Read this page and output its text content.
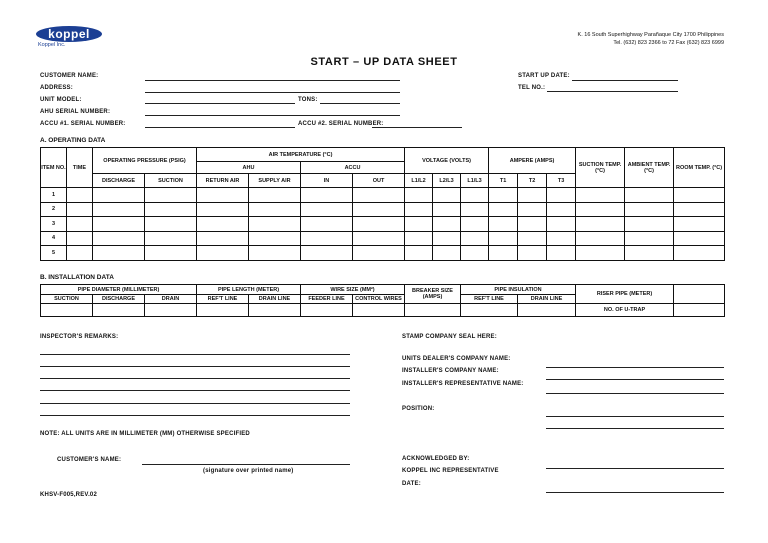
koppel
Koppel Inc.
K. 16 South Superhighway Parañaque City 1700 Philippines
Tel. (632) 823 2366 to 72 Fax (632) 823 6999
START – UP DATA SHEET
CUSTOMER NAME:
ADDRESS:
UNIT MODEL:	TONS:
AHU SERIAL NUMBER:
ACCU #1. SERIAL NUMBER:	ACCU #2. SERIAL NUMBER:
START UP DATE:
TEL NO.:
A. OPERATING DATA
ITEM NO.	TIME	OPERATING PRESSURE (PSIG)		AIR TEMPERATURE (°C)				VOLTAGE (VOLTS)			AMPERE (AMPS)			SUCTION TEMP. (°C)	AMBIENT TEMP. (°C)	ROOM TEMP. (°C)
				AHU		ACCU										
		DISCHARGE	SUCTION	RETURN AIR	SUPPLY AIR	IN	OUT	L1/L2	L2/L3	L1/L3	T1	T2	T3			
1																
2																
3																
4																
5																
B. INSTALLATION DATA
PIPE DIAMETER (MILLIMETER)			PIPE LENGTH (METER)		WIRE SIZE (MM²)		BREAKER SIZE (AMPS)	PIPE INSULATION		RISER PIPE (METER)	
SUCTION	DISCHARGE	DRAIN	REF'T LINE	DRAIN LINE	FEEDER LINE	CONTROL WIRES		REF'T LINE	DRAIN LINE		
										NO. OF U-TRAP	
INSPECTOR'S REMARKS:
NOTE: ALL UNITS ARE IN MILLIMETER (MM) OTHERWISE SPECIFIED
CUSTOMER'S NAME:
(signature over printed name)
KHSV-F005,REV.02
STAMP COMPANY SEAL HERE:
UNITS DEALER'S COMPANY NAME:
INSTALLER'S COMPANY NAME:
INSTALLER'S REPRESENTATIVE NAME:
POSITION:
ACKNOWLEDGED BY:
KOPPEL INC REPRESENTATIVE
DATE:
